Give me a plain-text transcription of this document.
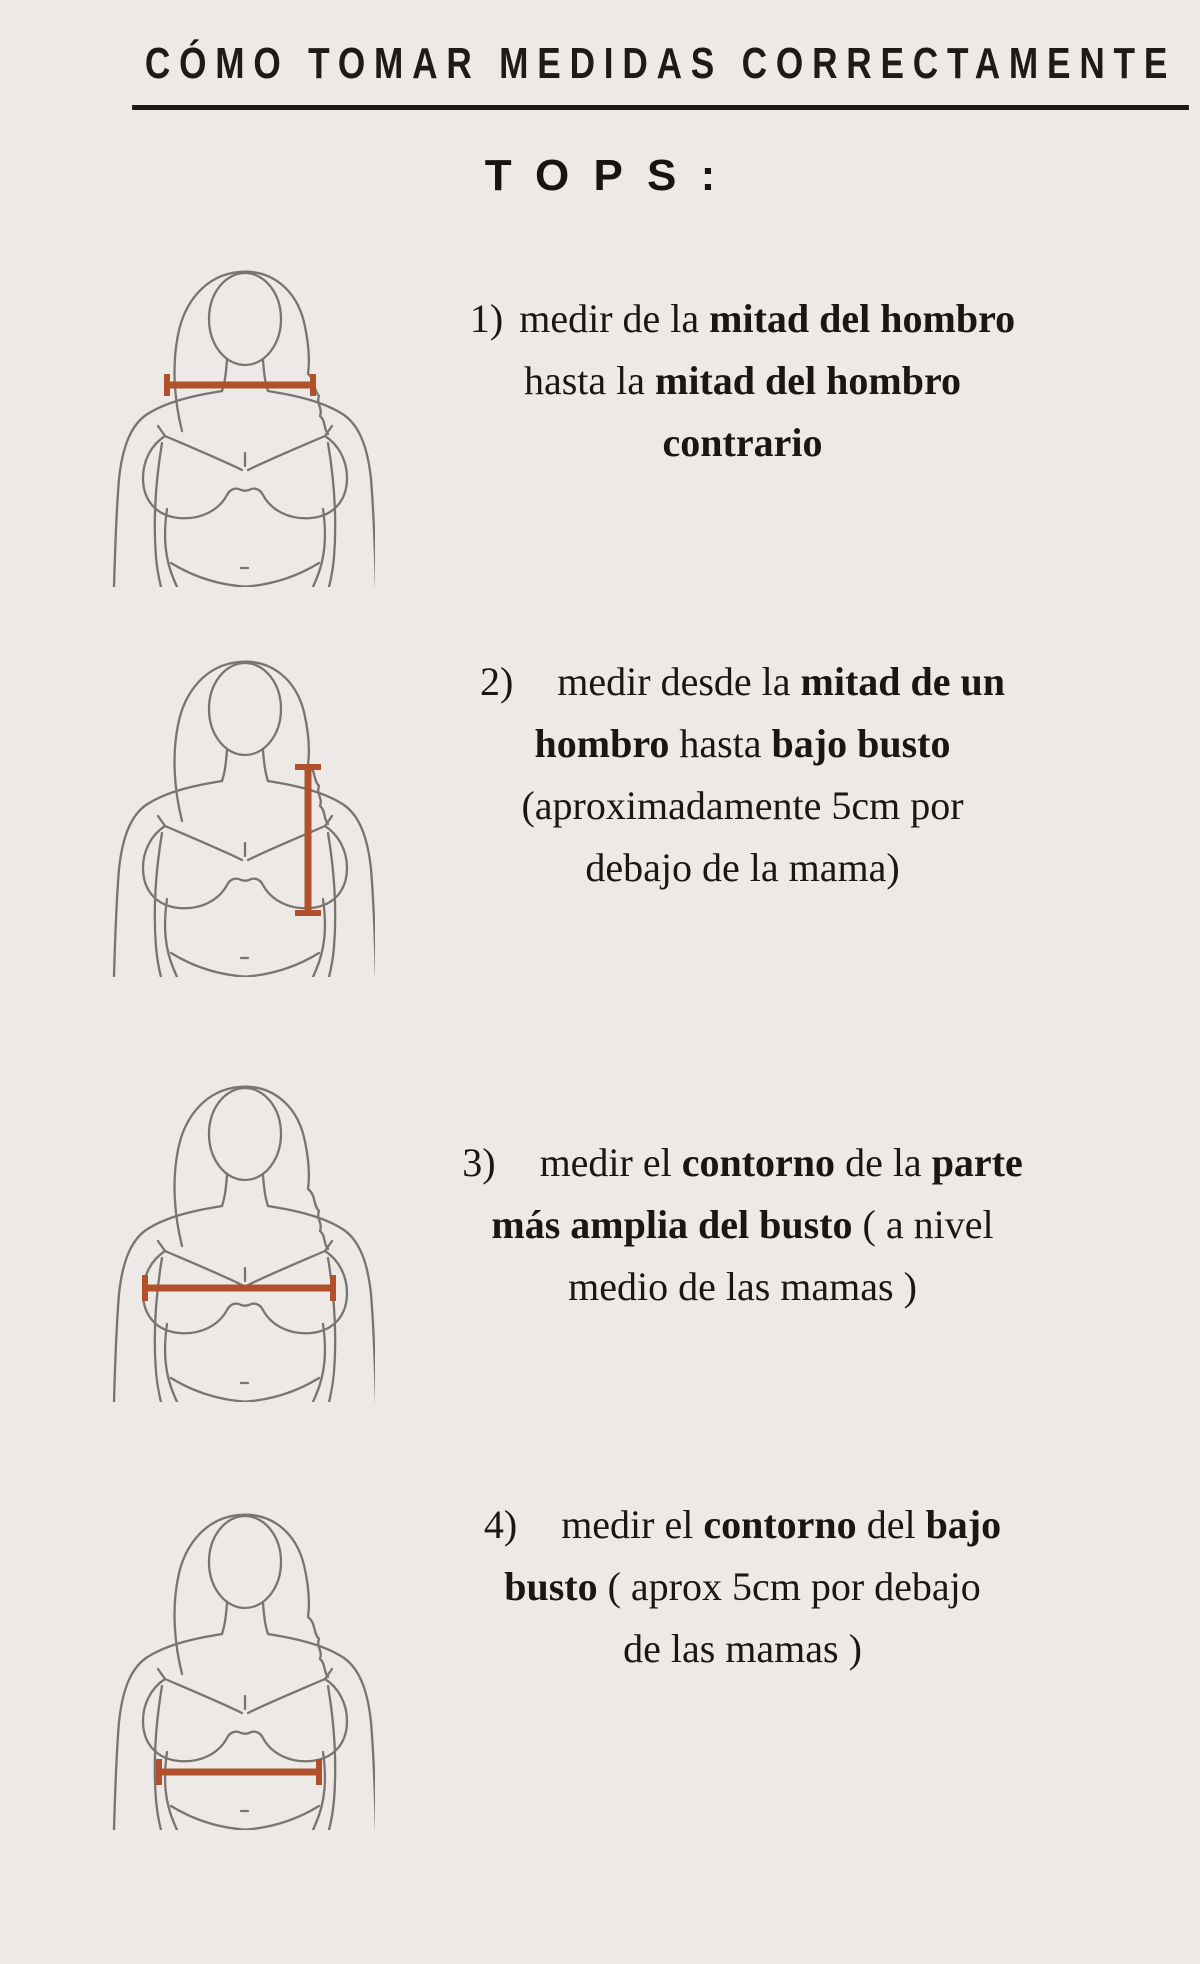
CÓMO TOMAR MEDIDAS CORRECTAMENTE
TOPS:
1) medir de la mitad del hombro
hasta la mitad del hombro
contrario
2) medir desde la mitad de un
hombro hasta bajo busto
(aproximadamente 5cm por
debajo de la mama)
3) medir el contorno de la parte
más amplia del busto ( a nivel
medio de las mamas )
4) medir el contorno del bajo
busto ( aprox 5cm por debajo
de las mamas )
